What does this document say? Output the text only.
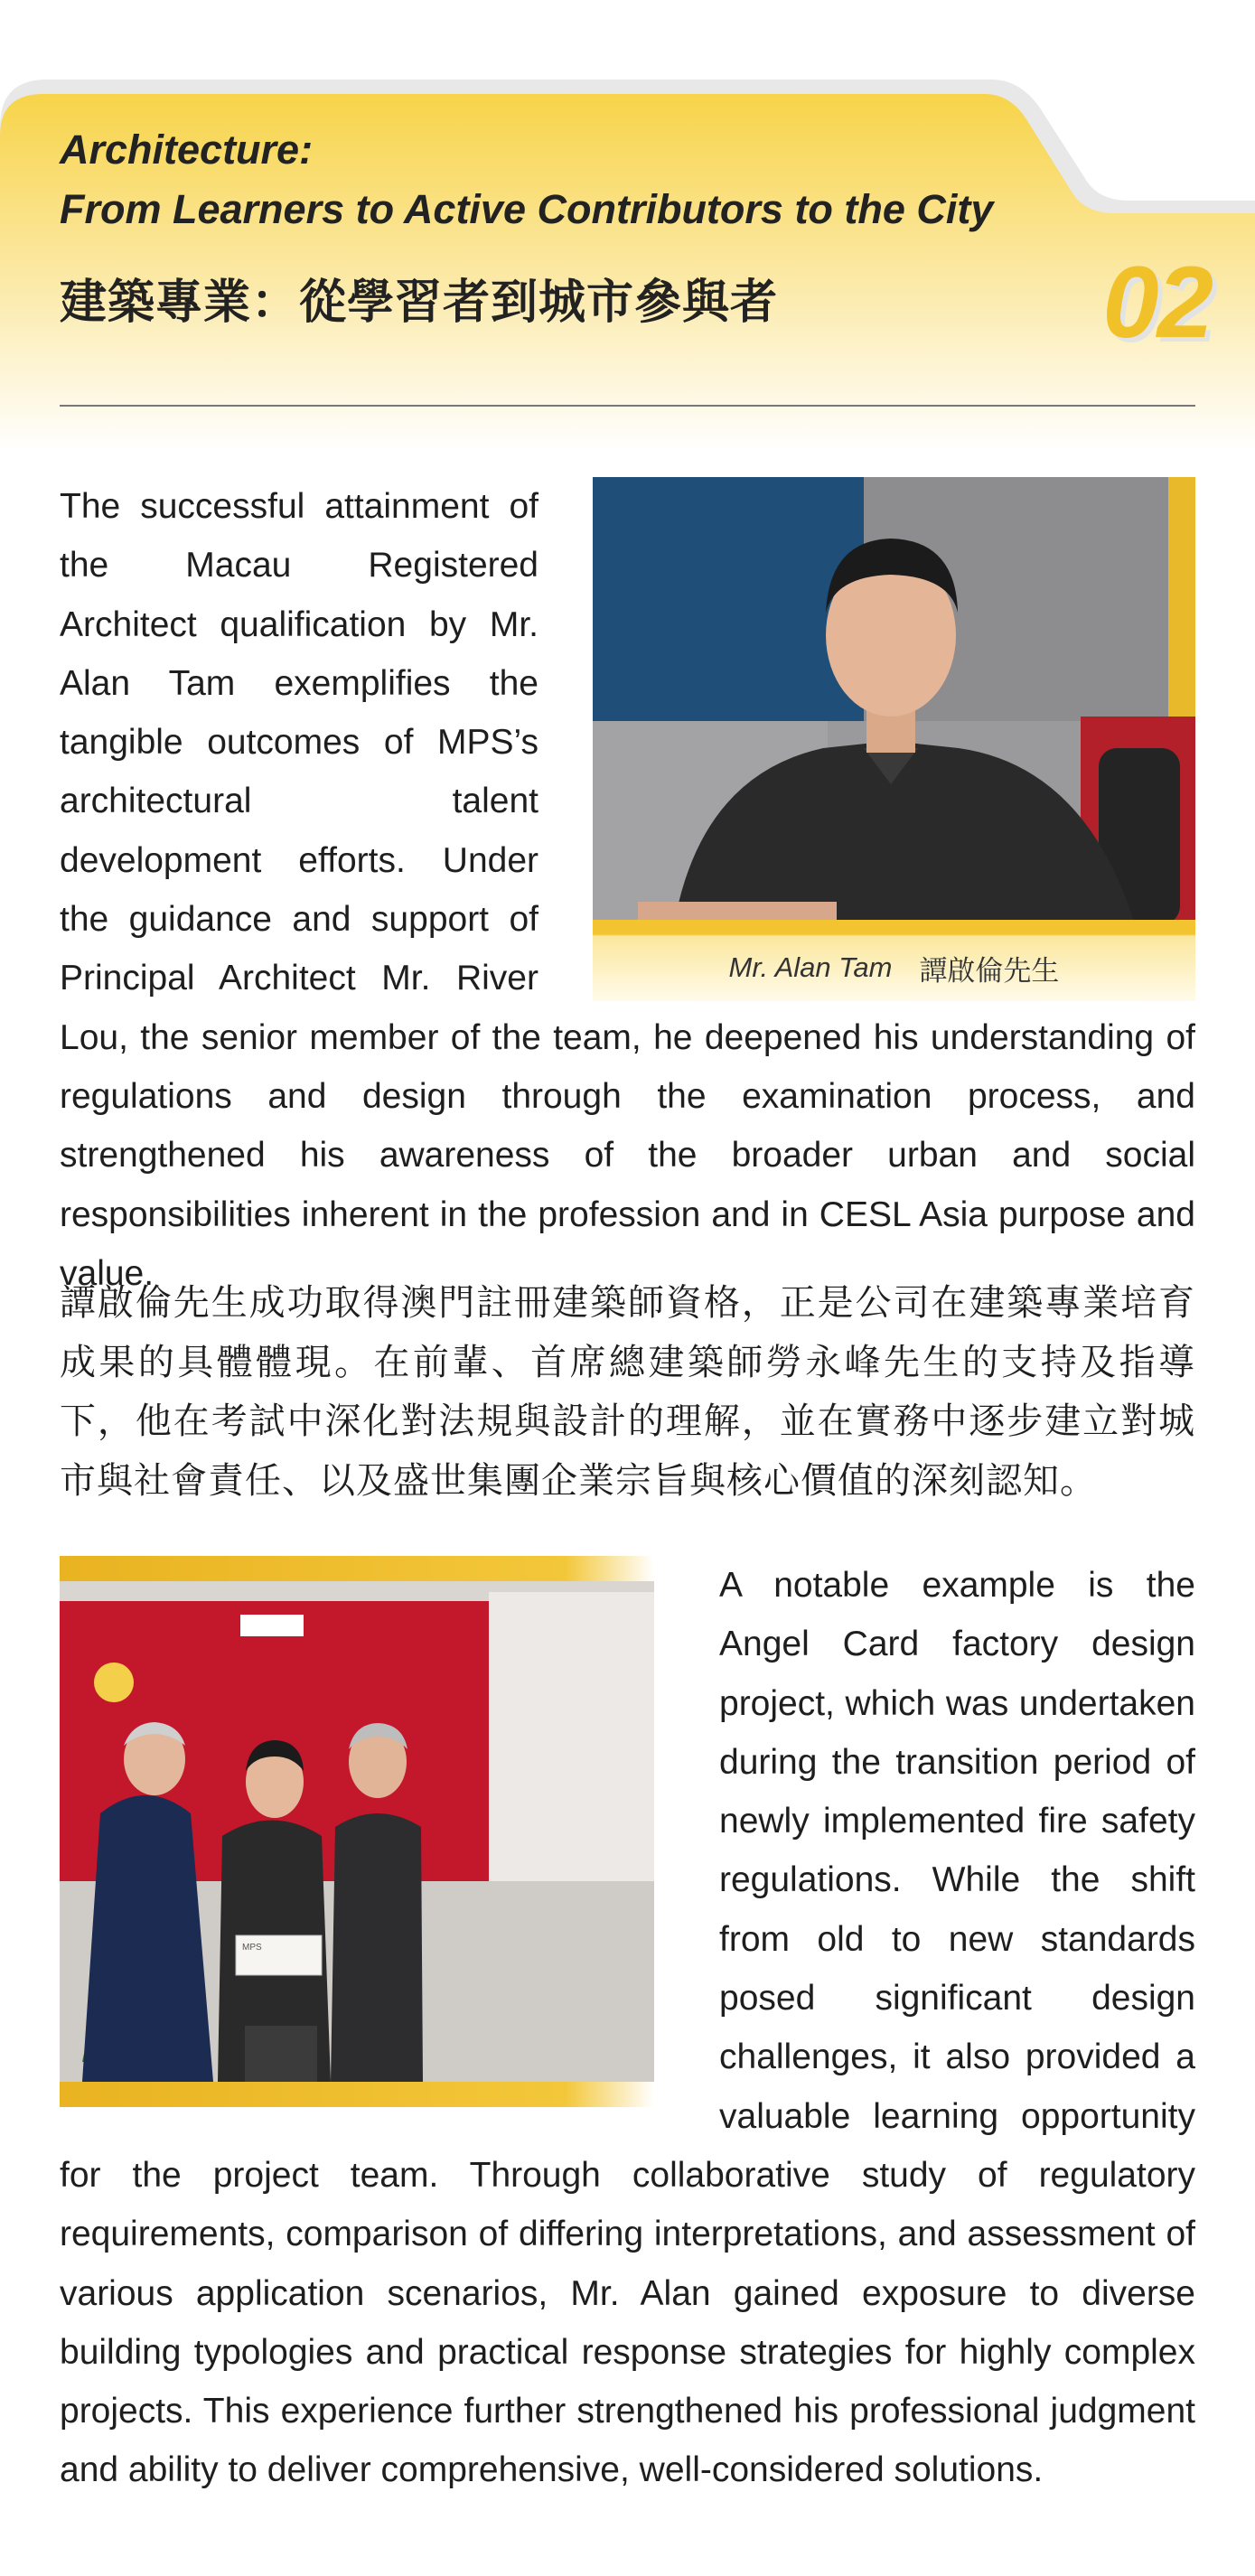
Architecture:

From Learners to Active Contributors to the City

建築專業：從學習者到城市參與者	02
Mr. Alan Tam 譚啟倫先生

The successful attainment of the Macau Registered Architect qualification by Mr. Alan Tam exemplifies the tangible outcomes of MPS’s architectural talent development efforts. Under the guidance and support of Principal Architect Mr. River Lou, the senior member of the team, he deepened his understanding of regulations and design through the examination process, and strengthened his awareness of the broader urban and social responsibilities inherent in the profession and in CESL Asia purpose and value.

譚啟倫先生成功取得澳門註冊建築師資格，正是公司在建築專業培育成果的具體體現。在前輩、首席總建築師勞永峰先生的支持及指導下，他在考試中深化對法規與設計的理解，並在實務中逐步建立對城市與社會責任、以及盛世集團企業宗旨與核心價值的深刻認知。

MPS

A notable example is the Angel Card factory design project, which was undertaken during the transition period of newly implemented fire safety regulations. While the shift from old to new standards posed significant design challenges, it also provided a valuable learning opportunity for the project team. Through collaborative study of regulatory requirements, comparison of differing interpretations, and assessment of various application scenarios, Mr. Alan gained exposure to diverse building typologies and practical response strategies for highly complex projects. This experience further strengthened his professional judgment and ability to deliver comprehensive, well-considered solutions.
